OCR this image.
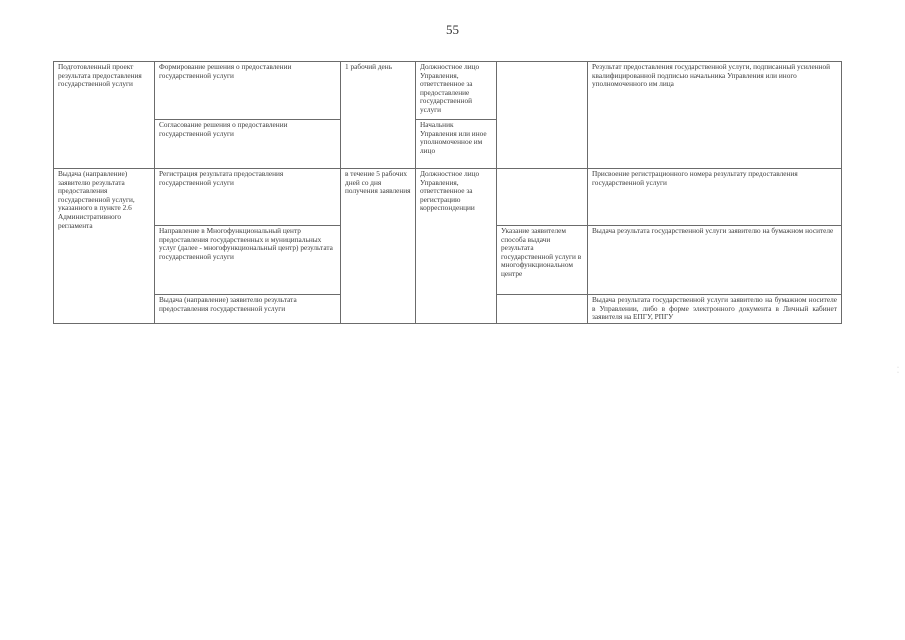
55
Подготовленный проект результата предоставления государственной услуги	Формирование решения о предоставлении государственной услуги	1 рабочий день	Должностное лицо Управления, ответственное за предоставление государственной услуги		Результат предоставления государственной услуги, подписанный усиленной квалифицированной подписью начальника Управления или иного уполномоченного им лица
	Согласование решения о предоставлении государственной услуги		Начальник Управления или иное уполномоченное им лицо		
Выдача (направление) заявителю результата предоставления государственной услуги, указанного в пункте 2.6 Административного регламента	Регистрация результата предоставления государственной услуги	в течение 5 рабочих дней со дня получения заявления	Должностное лицо Управления, ответственное за регистрацию корреспонденции		Присвоение регистрационного номера результату предоставления государственной услуги
	Направление в Многофункциональный центр предоставления государственных и муниципальных услуг (далее - многофункциональный центр) результата государственной услуги			Указание заявителем способа выдачи результата государственной услуги в многофункциональном центре	Выдача результата государственной услуги заявителю на бумажном носителе
	Выдача (направление) заявителю результата предоставления государственной услуги				Выдача результата государственной услуги заявителю на бумажном носителе в Управлении, либо в форме электронного документа в Личный кабинет заявителя на ЕПГУ, РПГУ
·
·
